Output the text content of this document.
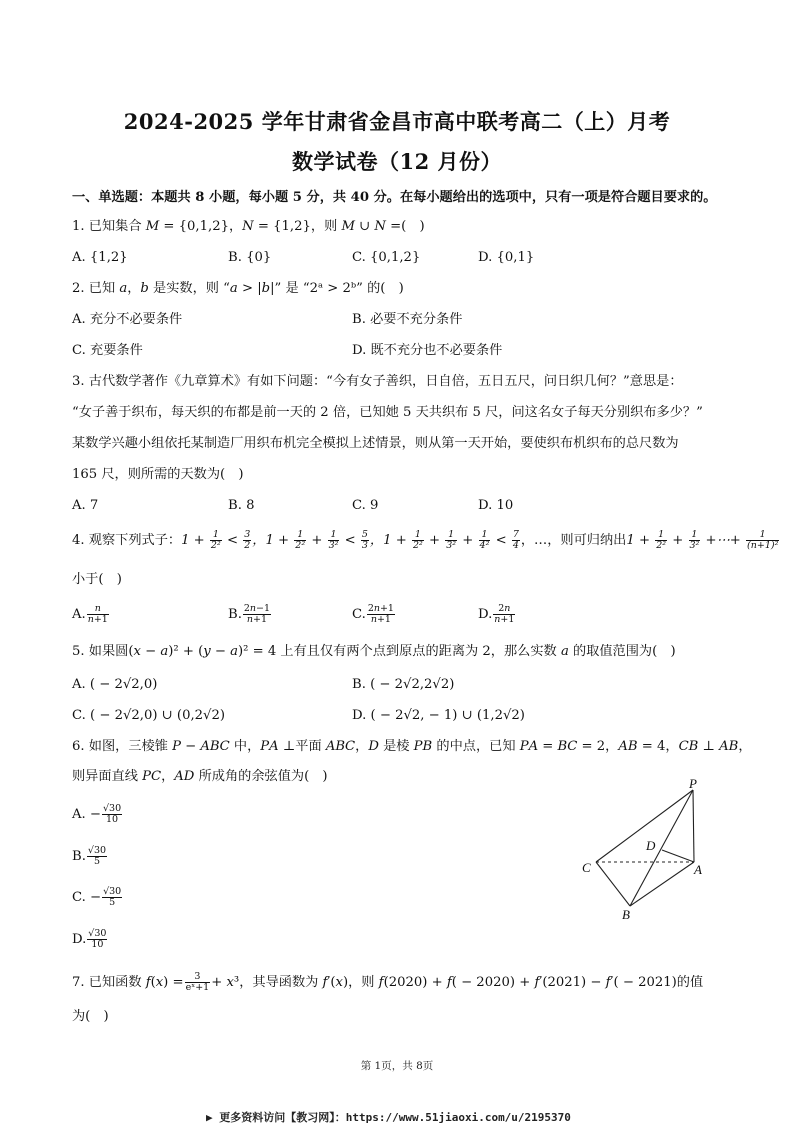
2024-2025 学年甘肃省金昌市高中联考高二（上）月考
数学试卷（12 月份）
一、单选题：本题共 8 小题，每小题 5 分，共 40 分。在每小题给出的选项中，只有一项是符合题目要求的。
1. 已知集合 𝑀 = {0,1,2}，𝑁 = {1,2}，则 𝑀 ∪ 𝑁 =(　)
A. {1,2}	B. {0}	C. {0,1,2}	D. {0,1}
2. 已知 𝑎，𝑏 是实数，则 “𝑎 > |𝑏|” 是 “2ᵃ > 2ᵇ” 的(　)
A. 充分不必要条件	B. 必要不充分条件
C. 充要条件	D. 既不充分也不必要条件
3. 古代数学著作《九章算术》有如下问题：“今有女子善织，日自倍，五日五尺，问日织几何？”意思是：
“女子善于织布，每天织的布都是前一天的 2 倍，已知她 5 天共织布 5 尺，问这名女子每天分别织布多少？”
某数学兴趣小组依托某制造厂用织布机完全模拟上述情景，则从第一天开始，要使织布机织布的总尺数为
165 尺，则所需的天数为(　)
A. 7	B. 8	C. 9	D. 10
4. 观察下列式子：$1 + \frac{1}{\text{2²}} < \frac{3}{2}$ ，$1 + \frac{1}{\text{2²}} + \frac{1}{\text{3²}} < \frac{5}{3}$ ，$1 + \frac{1}{\text{2²}} + \frac{1}{\text{3²}} + \frac{1}{\text{4²}} < \frac{7}{4}$ ，…，则可归纳出$1 + \frac{1}{\text{2²}} + \frac{1}{\text{3²}}$ +⋯+ $\frac{1}{\text{(𝑛+1)²}}$
小于(　)
A. $\frac{\text{𝑛}}{\text{𝑛+1}}$	B. $\frac{\text{2𝑛−1}}{\text{𝑛+1}}$	C. $\frac{\text{2𝑛+1}}{\text{𝑛+1}}$	D. $\frac{\text{2𝑛}}{\text{𝑛+1}}$
5. 如果圆(𝑥 − 𝑎)² + (𝑦 − 𝑎)² = 4 上有且仅有两个点到原点的距离为 2，那么实数 𝑎 的取值范围为(　)
A. ( − 2√2,0)	B. ( − 2√2,2√2)
C. ( − 2√2,0) ∪ (0,2√2)	D. ( − 2√2, − 1) ∪ (1,2√2)
6. 如图，三棱锥 𝑃 − 𝐴𝐵𝐶 中，𝑃𝐴 ⊥平面 𝐴𝐵𝐶，𝐷 是棱 𝑃𝐵 的中点，已知 𝑃𝐴 = 𝐵𝐶 = 2，𝐴𝐵 = 4，𝐶𝐵 ⊥ 𝐴𝐵，
则异面直线 𝑃𝐶，𝐴𝐷 所成角的余弦值为(　)
A. − $\frac{√30}{10}$
B. $\frac{√30}{5}$
C. − $\frac{√30}{5}$
D. $\frac{√30}{10}$
P
D
C	A
B
7. 已知函数 𝑓(𝑥) = $\frac{3}{\text{eˣ+1}}$ + 𝑥³，其导函数为 𝑓′(𝑥)，则 𝑓(2020) + 𝑓( − 2020) + 𝑓′(2021) − 𝑓′( − 2021)的值
为(　)
第 1页，共 8页
▶ 更多资料访问【教习网】：https://www.51jiaoxi.com/u/2195370
